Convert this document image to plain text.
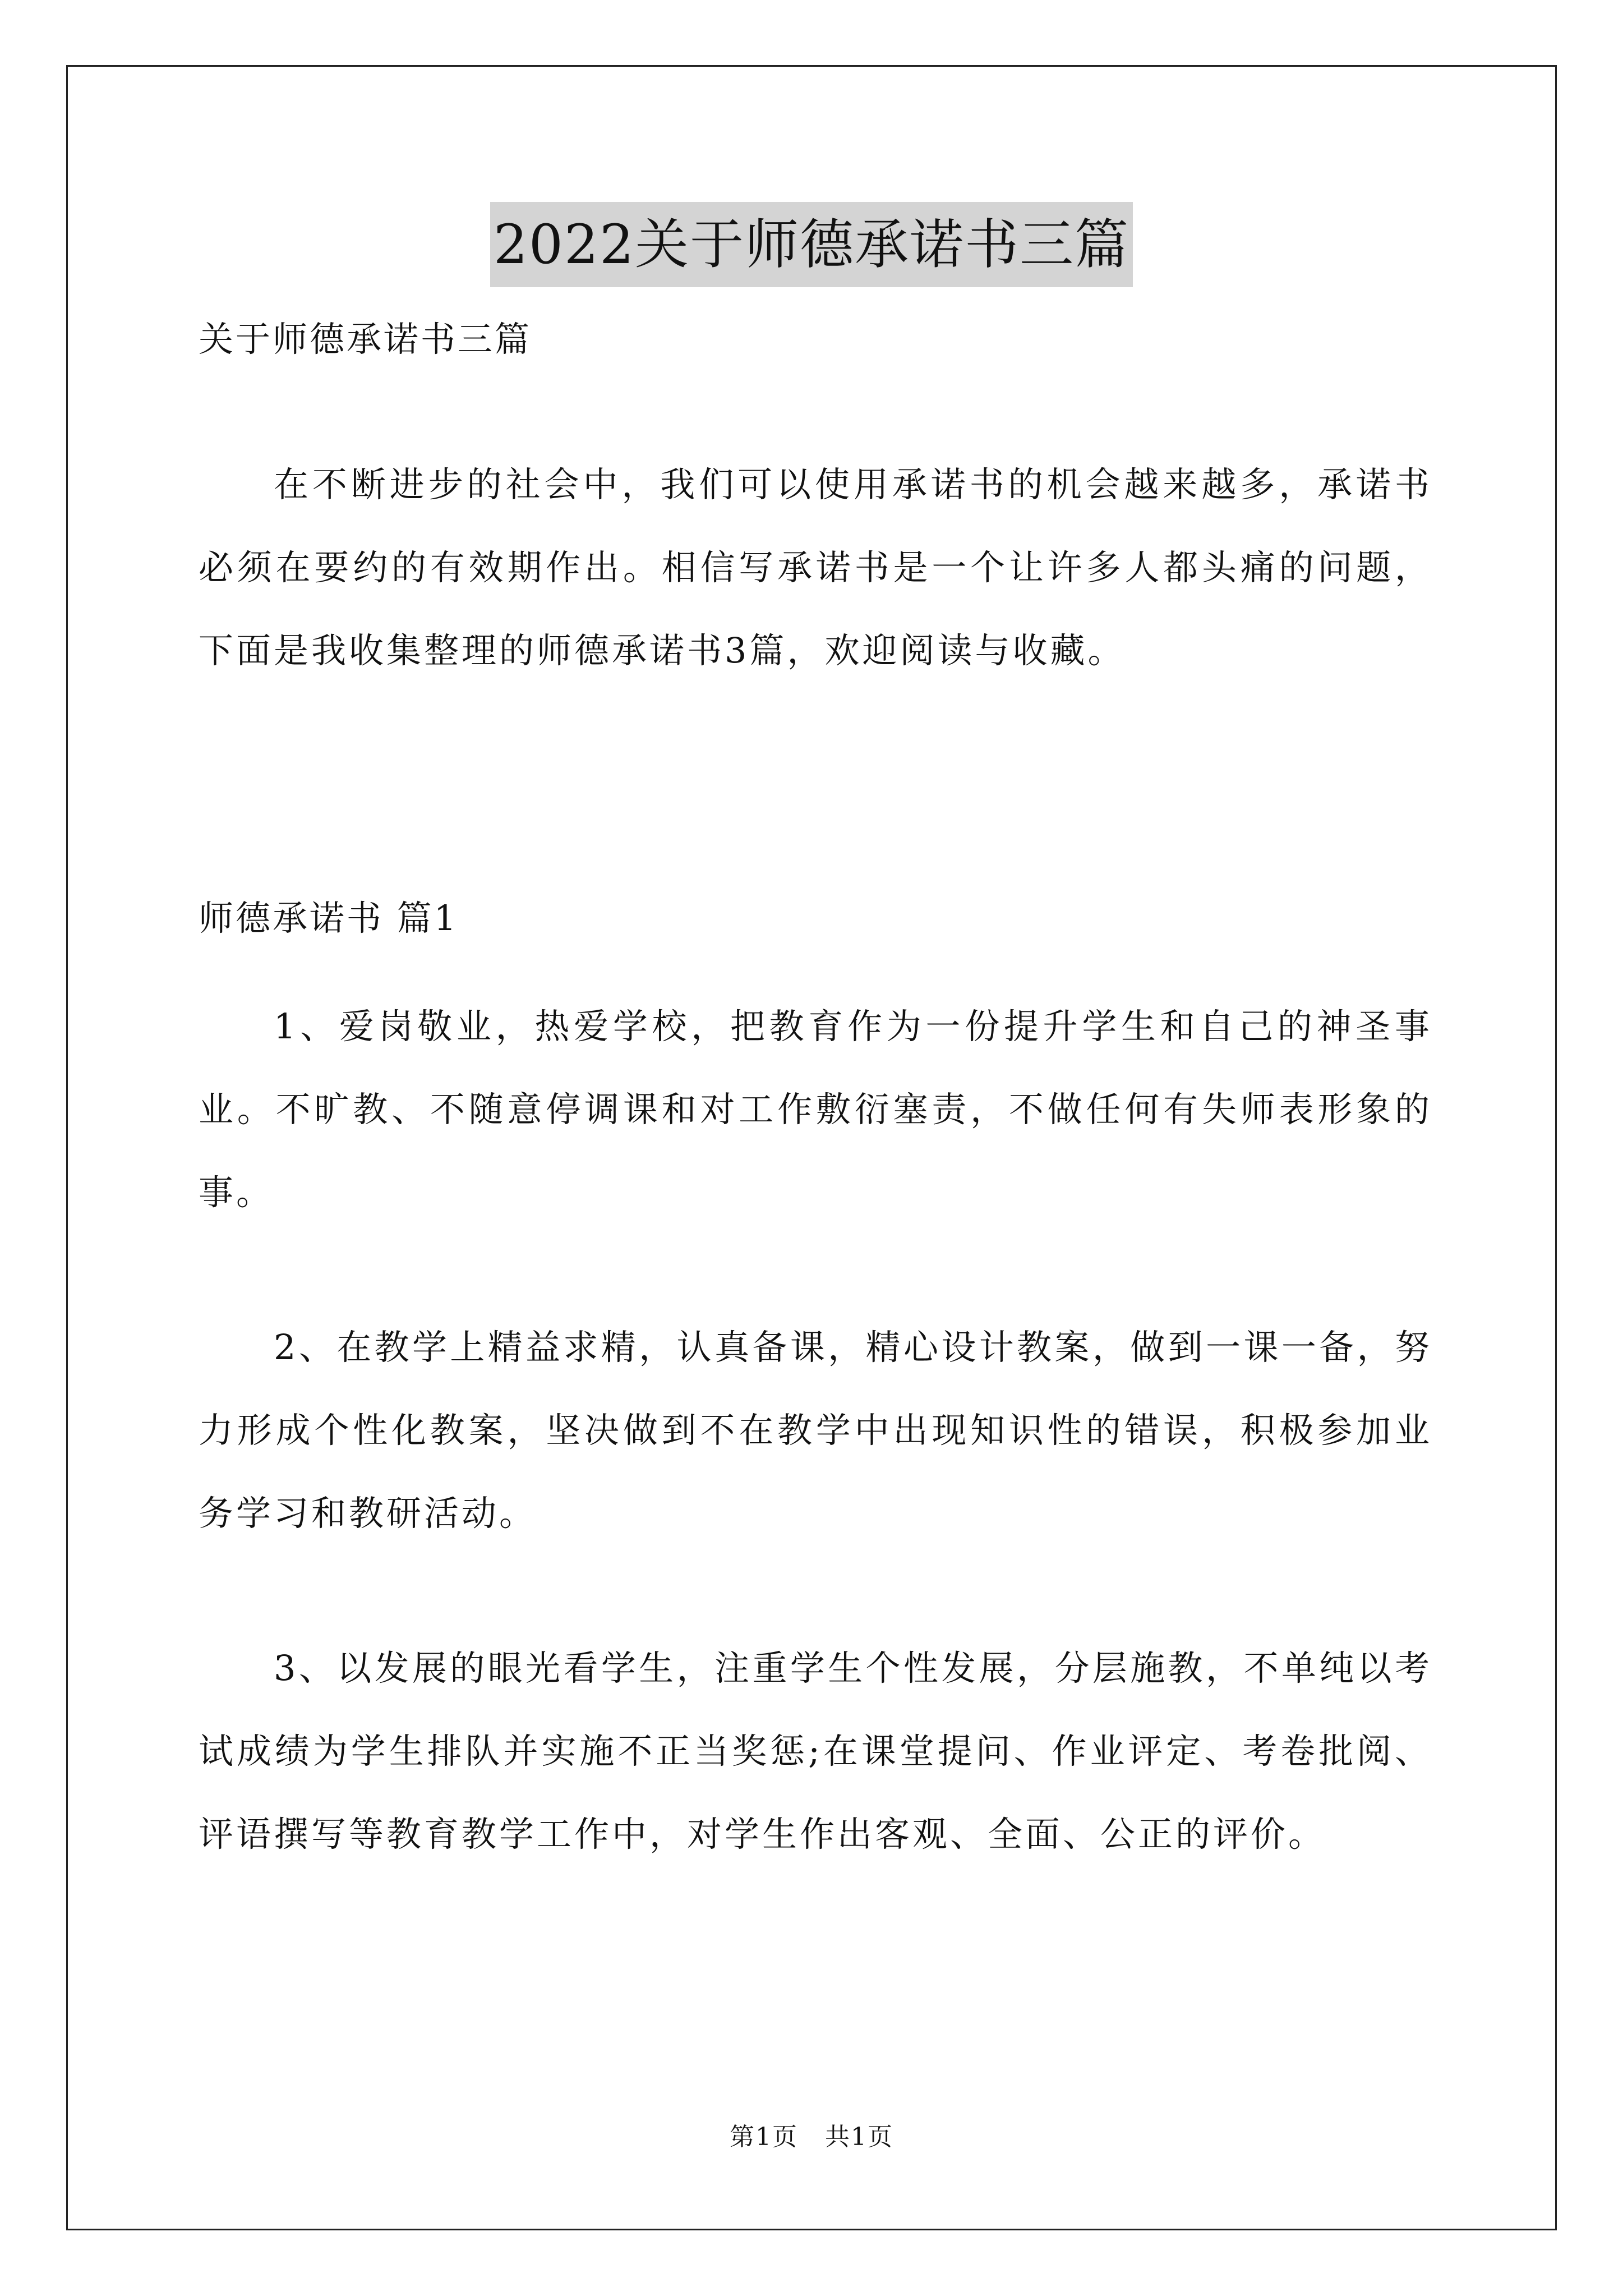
2022关于师德承诺书三篇
关于师德承诺书三篇

在不断进步的社会中，我们可以使用承诺书的机会越来越多，承诺书必须在要约的有效期作出。相信写承诺书是一个让许多人都头痛的问题，下面是我收集整理的师德承诺书3篇，欢迎阅读与收藏。

师德承诺书 篇1

1、爱岗敬业，热爱学校，把教育作为一份提升学生和自己的神圣事业。不旷教、不随意停调课和对工作敷衍塞责，不做任何有失师表形象的事。

2、在教学上精益求精，认真备课，精心设计教案，做到一课一备，努力形成个性化教案，坚决做到不在教学中出现知识性的错误，积极参加业务学习和教研活动。

3、以发展的眼光看学生，注重学生个性发展，分层施教，不单纯以考试成绩为学生排队并实施不正当奖惩;在课堂提问、作业评定、考卷批阅、评语撰写等教育教学工作中，对学生作出客观、全面、公正的评价。

第1页 共1页
